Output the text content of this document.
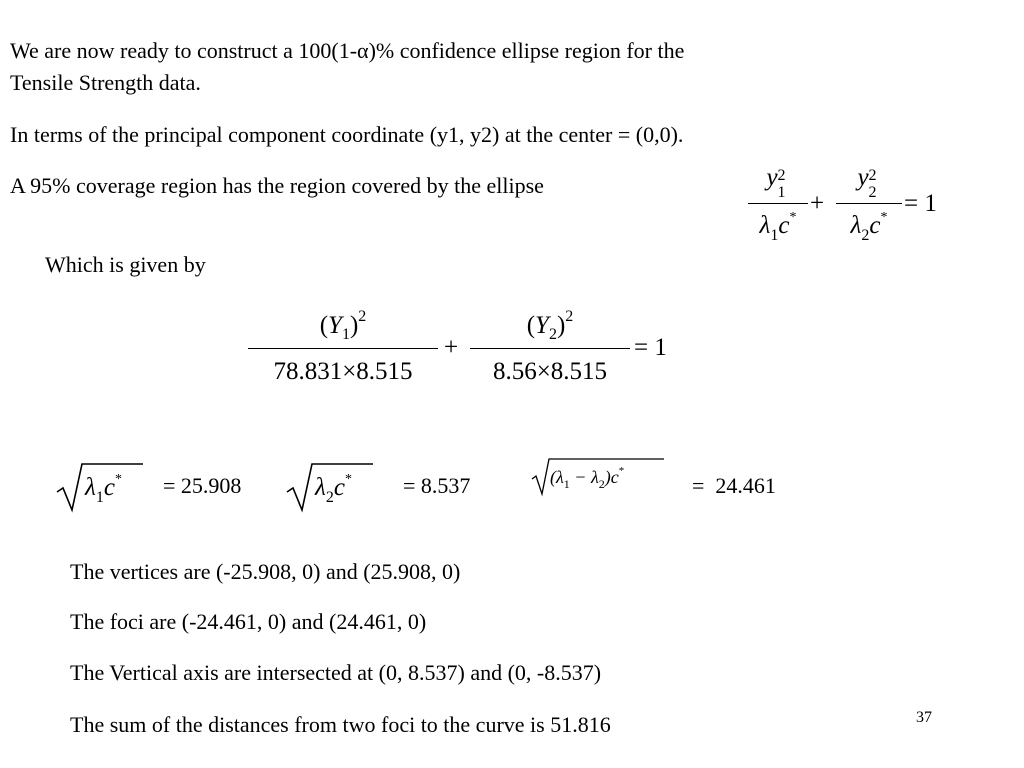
We are now ready to construct a 100(1-α)% confidence ellipse region for the
Tensile Strength data.
In terms of the principal component coordinate (y1, y2) at the center = (0,0).
A 95% coverage region has the region covered by the ellipse	y 2
1
$\lambda_1c^*$
+
y 2
2
$\lambda_2c^*$
= 1
Which is given by
$(Y_1)^2$
78.831×8.515
+
$(Y_2)^2$
8.56×8.515
= 1
$\lambda_1c^* = 25.908$	$\lambda_2c^* = 8.537$	$(\lambda_1 - \lambda_2)c^*$
=  24.461
The vertices are (-25.908, 0) and (25.908, 0)
The foci are (-24.461, 0) and (24.461, 0)
The Vertical axis are intersected at (0, 8.537) and (0, -8.537)
The sum of the distances from two foci to the curve is 51.816	37
